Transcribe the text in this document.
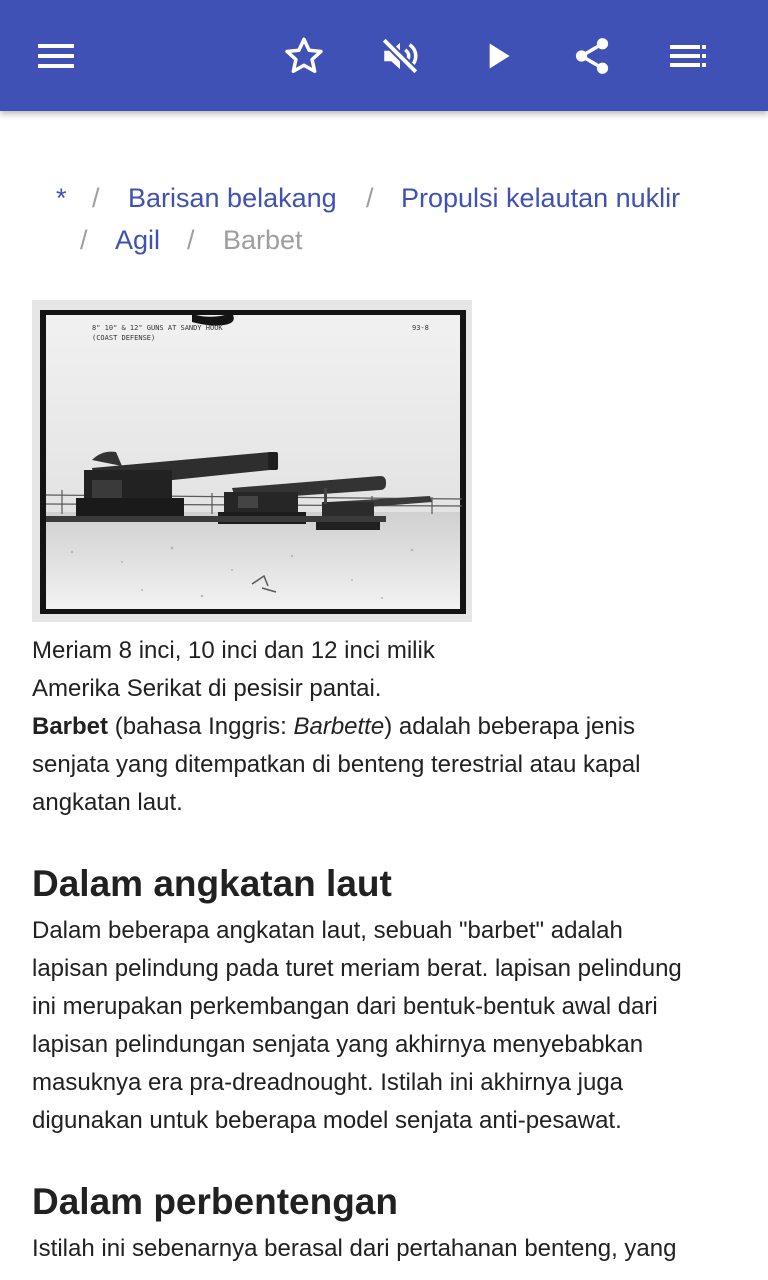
* / Barisan belakang / Propulsi kelautan nuklir
/ Agil / Barbet
8" 10" & 12" GUNS AT SANDY HOOK
(COAST DEFENSE)
93-8
Meriam 8 inci, 10 inci dan 12 inci milik
Amerika Serikat di pesisir pantai.
Barbet (bahasa Inggris: Barbette) adalah beberapa jenis
senjata yang ditempatkan di benteng terestrial atau kapal
angkatan laut.
Dalam angkatan laut
Dalam beberapa angkatan laut, sebuah "barbet" adalah
lapisan pelindung pada turet meriam berat. lapisan pelindung
ini merupakan perkembangan dari bentuk-bentuk awal dari
lapisan pelindungan senjata yang akhirnya menyebabkan
masuknya era pra-dreadnought. Istilah ini akhirnya juga
digunakan untuk beberapa model senjata anti-pesawat.
Dalam perbentengan
Istilah ini sebenarnya berasal dari pertahanan benteng, yang
